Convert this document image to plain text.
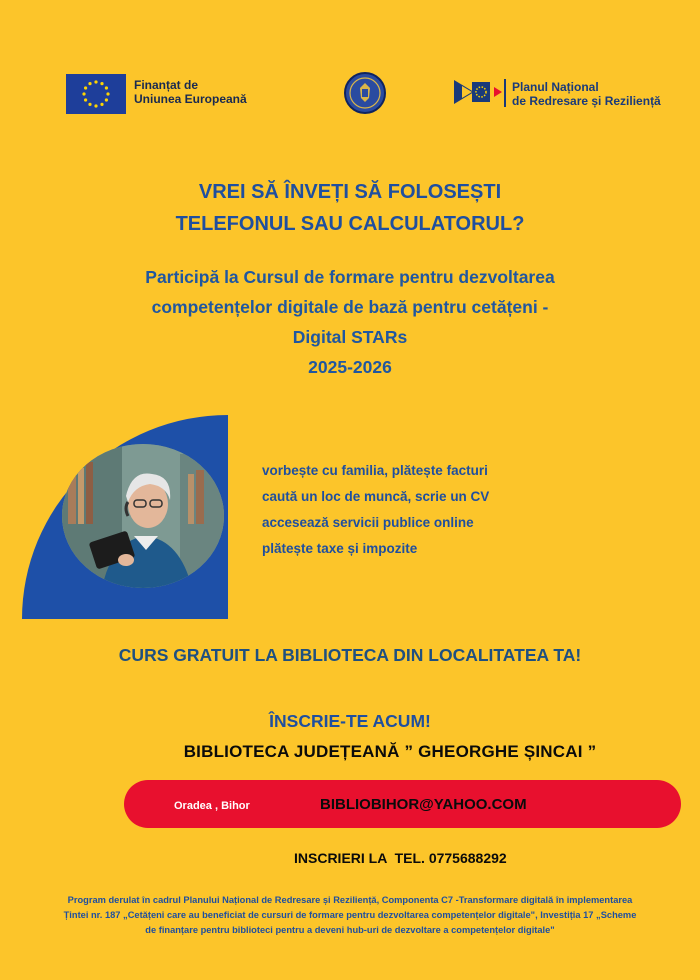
Finanțat de
Uniunea Europeană
Planul Național
de Redresare și Reziliență
VREI SĂ ÎNVEȚI SĂ FOLOSEȘTI
TELEFONUL SAU CALCULATORUL?
Participă la Cursul de formare pentru dezvoltarea
competențelor digitale de bază pentru cetățeni -
Digital STARs
2025-2026
vorbește cu familia, plătește facturi
caută un loc de muncă, scrie un CV
accesează servicii publice online
plătește taxe și impozite
CURS GRATUIT LA BIBLIOTECA DIN LOCALITATEA TA!
ÎNSCRIE-TE ACUM!
BIBLIOTECA JUDEȚEANĂ ” GHEORGHE ȘINCAI ”
Oradea , Bihor	BIBLIOBIHOR@YAHOO.COM
INSCRIERI LA  TEL. 0775688292
Program derulat în cadrul Planului Național de Redresare și Reziliență, Componenta C7 -Transformare digitală în implementarea Țintei nr. 187 „Cetățeni care au beneficiat de cursuri de formare pentru dezvoltarea competențelor digitale", Investiția 17 „Scheme de finanțare pentru biblioteci pentru a deveni hub-uri de dezvoltare a competențelor digitale"
